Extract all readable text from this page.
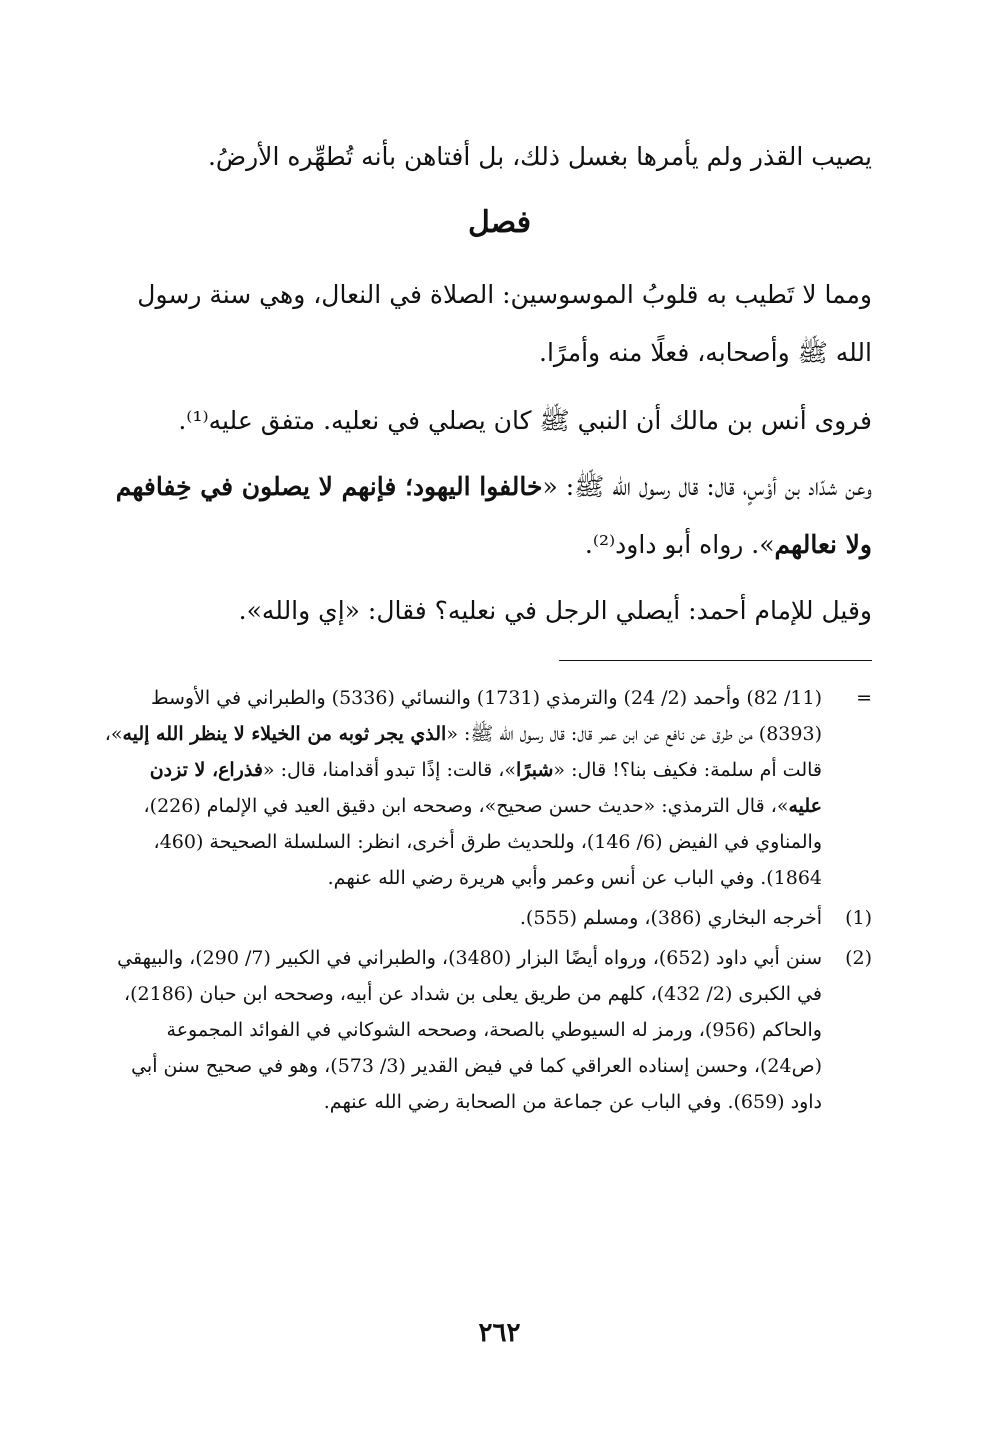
يصيب القذر ولم يأمرها بغسل ذلك، بل أفتاهن بأنه تُطهِّره الأرضُ.

فصل

ومما لا تَطيب به قلوبُ الموسوسين: الصلاة في النعال، وهي سنة رسول الله ﷺ وأصحابه، فعلًا منه وأمرًا.

فروى أنس بن مالك أن النبي ﷺ كان يصلي في نعليه. متفق عليه⁽¹⁾.

وعن شدّاد بن أوْسٍ، قال: قال رسول الله ﷺ: «خالفوا اليهود؛ فإنهم لا يصلون في خِفافهم ولا نعالهم». رواه أبو داود⁽²⁾.

وقيل للإمام أحمد: أيصلي الرجل في نعليه؟ فقال: «إي والله».

=
(11/ 82) وأحمد (2/ 24) والترمذي (1731) والنسائي (5336) والطبراني في الأوسط (8393) من طرق عن نافع عن ابن عمر قال: قال رسول الله ﷺ: «الذي يجر ثوبه من الخيلاء لا ينظر الله إليه»، قالت أم سلمة: فكيف بنا؟! قال: «شبرًا»، قالت: إذًا تبدو أقدامنا، قال: «فذراع، لا تزدن عليه»، قال الترمذي: «حديث حسن صحيح»، وصححه ابن دقيق العيد في الإلمام (226)، والمناوي في الفيض (6/ 146)، وللحديث طرق أخرى، انظر: السلسلة الصحيحة (460، 1864). وفي الباب عن أنس وعمر وأبي هريرة رضي الله عنهم.
(1)
أخرجه البخاري (386)، ومسلم (555).
(2)
سنن أبي داود (652)، ورواه أيضًا البزار (3480)، والطبراني في الكبير (7/ 290)، والبيهقي في الكبرى (2/ 432)، كلهم من طريق يعلى بن شداد عن أبيه، وصححه ابن حبان (2186)، والحاكم (956)، ورمز له السيوطي بالصحة، وصححه الشوكاني في الفوائد المجموعة (ص24)، وحسن إسناده العراقي كما في فيض القدير (3/ 573)، وهو في صحيح سنن أبي داود (659). وفي الباب عن جماعة من الصحابة رضي الله عنهم.
٢٦٢
